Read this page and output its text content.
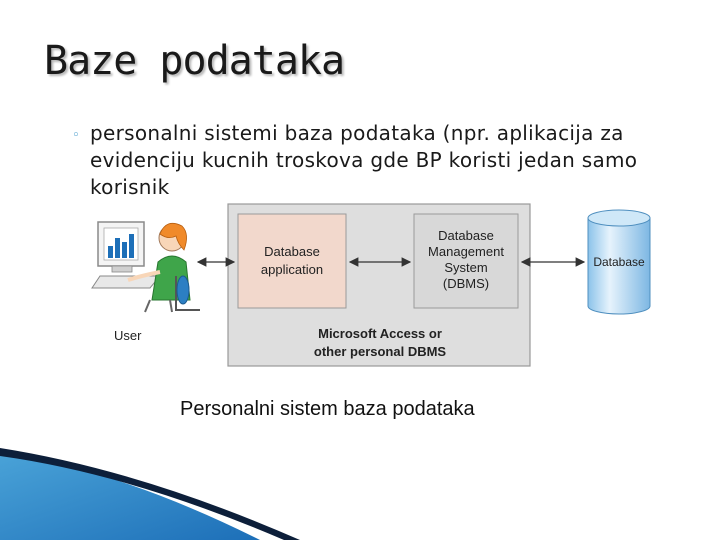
Baze podataka
◦ personalni sistemi baza podataka (npr. aplikacija za evidenciju kucnih troskova gde BP koristi jedan samo korisnik
User
Database
application
Database
Management
System
(DBMS)
Microsoft Access or
other personal DBMS
Database
Personalni sistem baza podataka
